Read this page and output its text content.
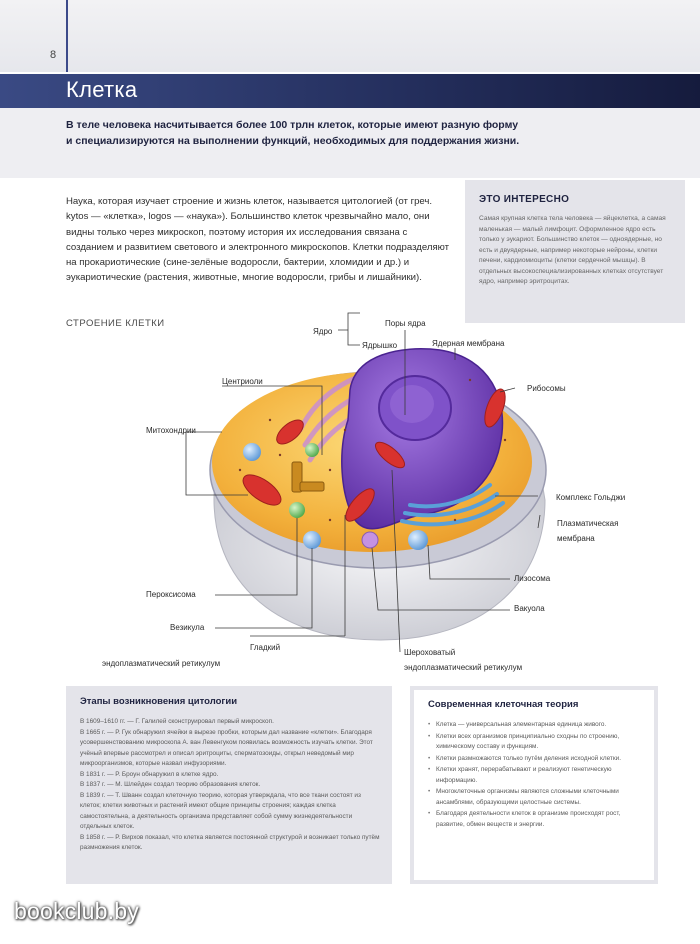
8
Клетка
В теле человека насчитывается более 100 трлн клеток, которые имеют разную форму и специализируются на выполнении функций, необходимых для поддержания жизни.
Наука, которая изучает строение и жизнь клеток, называется цитологией (от греч. kytos — «клетка», logos — «наука»). Большинство клеток чрезвычайно мало, они видны только через микроскоп, поэтому история их исследования связана с созданием и развитием светового и электронного микроскопов. Клетки подразделяют на прокариотические (сине-зелёные водоросли, бактерии, хломидии и др.) и эукариотические (растения, животные, многие водоросли, грибы и лишайники).
ЭТО ИНТЕРЕСНО

Самая крупная клетка тела человека — яйцеклетка, а самая маленькая — малый лимфоцит. Оформленное ядро есть только у эукариот. Большинство клеток — одноядерные, но есть и двуядерные, например некоторые нейроны, клетки печени, кардиомиоциты (клетки сердечной мышцы). В отдельных высокоспециализированных клетках отсутствует ядро, например эритроцитах.

СТРОЕНИЕ КЛЕТКИ
Ядро
Поры ядра
Ядрышко	Ядерная мембрана
Центриоли
Рибосомы
Митохондрии
Комплекс Гольджи
Плазматическая
мембрана
Лизосома
Пероксисома
Вакуола
Везикула
Гладкий
эндоплазматический ретикулум
Шероховатый
эндоплазматический ретикулум
Этапы возникновения цитологии
В 1609–1610 гг. — Г. Галилей сконструировал первый микроскоп.
В 1665 г. — Р. Гук обнаружил ячейки в вырезе пробки, которым дал название «клетки». Благодаря усовершенствованию микроскопа А. ван Левенгуком появилась возможность изучать клетки. Этот учёный впервые рассмотрел и описал эритроциты, сперматозоиды, открыл неведомый мир микроорганизмов, которые назвал инфузориями.
В 1831 г. — Р. Броун обнаружил в клетке ядро.
В 1837 г. — М. Шлейден создал теорию образования клеток.
В 1839 г. — Т. Шванн создал клеточную теорию, которая утверждала, что все ткани состоят из клеток; клетки животных и растений имеют общие принципы строения; каждая клетка самостоятельна, а деятельность организма представляет собой сумму жизнедеятельности отдельных клеток.
В 1858 г. — Р. Вирхов показал, что клетка является постоянной структурой и возникает только путём размножения клеток.
Современная клеточная теория
• Клетка — универсальная элементарная единица живого.
• Клетки всех организмов принципиально сходны по строению, химическому составу и функциям.
• Клетки размножаются только путём деления исходной клетки.
• Клетки хранят, перерабатывают и реализуют генетическую информацию.
• Многоклеточные организмы являются сложными клеточными ансамблями, образующими целостные системы.
• Благодаря деятельности клеток в организме происходят рост, развитие, обмен веществ и энергии.
bookclub.by
